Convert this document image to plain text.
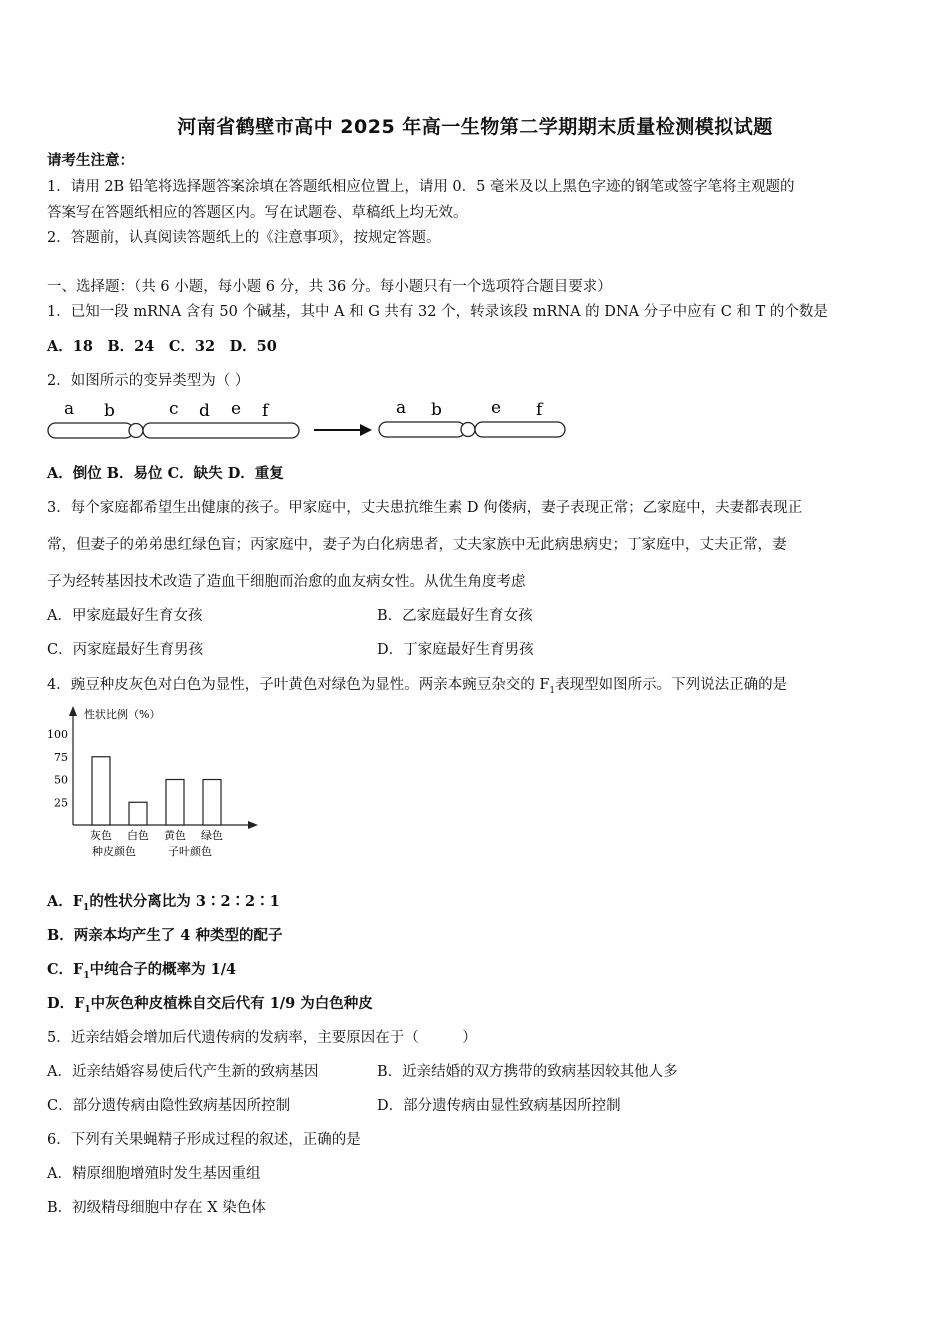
河南省鹤壁市高中 2025 年高一生物第二学期期末质量检测模拟试题
请考生注意：
1．请用 2B 铅笔将选择题答案涂填在答题纸相应位置上，请用 0．5 毫米及以上黑色字迹的钢笔或签字笔将主观题的
答案写在答题纸相应的答题区内。写在试题卷、草稿纸上均无效。
2．答题前，认真阅读答题纸上的《注意事项》，按规定答题。
一、选择题：（共 6 小题，每小题 6 分，共 36 分。每小题只有一个选项符合题目要求）
1．已知一段 mRNA 含有 50 个碱基，其中 A 和 G 共有 32 个，转录该段 mRNA 的 DNA 分子中应有 C 和 T 的个数是
A．18　B．24　C．32　D．50
2．如图所示的变异类型为（ ）
a b	c d e f	a b	e f
A．倒位 B．易位 C．缺失 D．重复
3．每个家庭都希望生出健康的孩子。甲家庭中，丈夫患抗维生素 D 佝偻病，妻子表现正常；乙家庭中，夫妻都表现正
常，但妻子的弟弟患红绿色盲；丙家庭中，妻子为白化病患者，丈夫家族中无此病患病史；丁家庭中，丈夫正常，妻
子为经转基因技术改造了造血干细胞而治愈的血友病女性。从优生角度考虑
A．甲家庭最好生育女孩	B．乙家庭最好生育女孩
C．丙家庭最好生育男孩	D．丁家庭最好生育男孩
4．豌豆种皮灰色对白色为显性，子叶黄色对绿色为显性。两亲本豌豆杂交的 $F_1$表现型如图所示。下列说法正确的是
性状比例（%）
100
75
50
25
灰色 白色 黄色 绿色
种皮颜色	子叶颜色
A．$F_1$的性状分离比为 3∶2∶2∶1
B．两亲本均产生了 4 种类型的配子
C．$F_1$中纯合子的概率为 1/4
D．$F_1$中灰色种皮植株自交后代有 1/9 为白色种皮
5．近亲结婚会增加后代遗传病的发病率，主要原因在于（　　　）
A．近亲结婚容易使后代产生新的致病基因	B．近亲结婚的双方携带的致病基因较其他人多
C．部分遗传病由隐性致病基因所控制	D．部分遗传病由显性致病基因所控制
6．下列有关果蝇精子形成过程的叙述，正确的是
A．精原细胞增殖时发生基因重组
B．初级精母细胞中存在 X 染色体
